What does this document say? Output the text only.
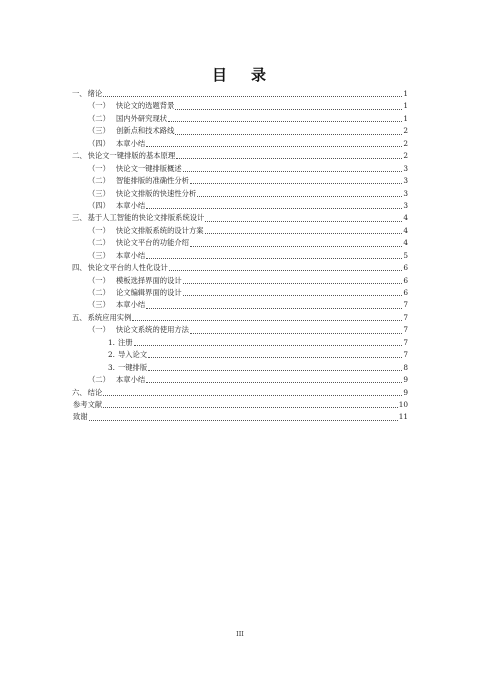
目 录
一、 绪论	1
（一） 快论文的选题背景	1
（二） 国内外研究现状	1
（三） 创新点和技术路线	2
（四） 本章小结	2
二、 快论文一键排版的基本原理	2
（一） 快论文一键排版概述	3
（二） 智能排版的准确性分析	3
（三） 快论文排版的快速性分析	3
（四） 本章小结	3
三、 基于人工智能的快论文排版系统设计	4
（一） 快论文排版系统的设计方案	4
（二） 快论文平台的功能介绍	4
（三） 本章小结	5
四、 快论文平台的人性化设计	6
（一） 模板选择界面的设计	6
（二） 论文编辑界面的设计	6
（三） 本章小结	7
五、 系统应用实例	7
（一） 快论文系统的使用方法	7
1. 注册	7
2. 导入论文	7
3. 一键排版	8
（二） 本章小结	9
六、 结论	9
参考文献	10
致谢	11
III
